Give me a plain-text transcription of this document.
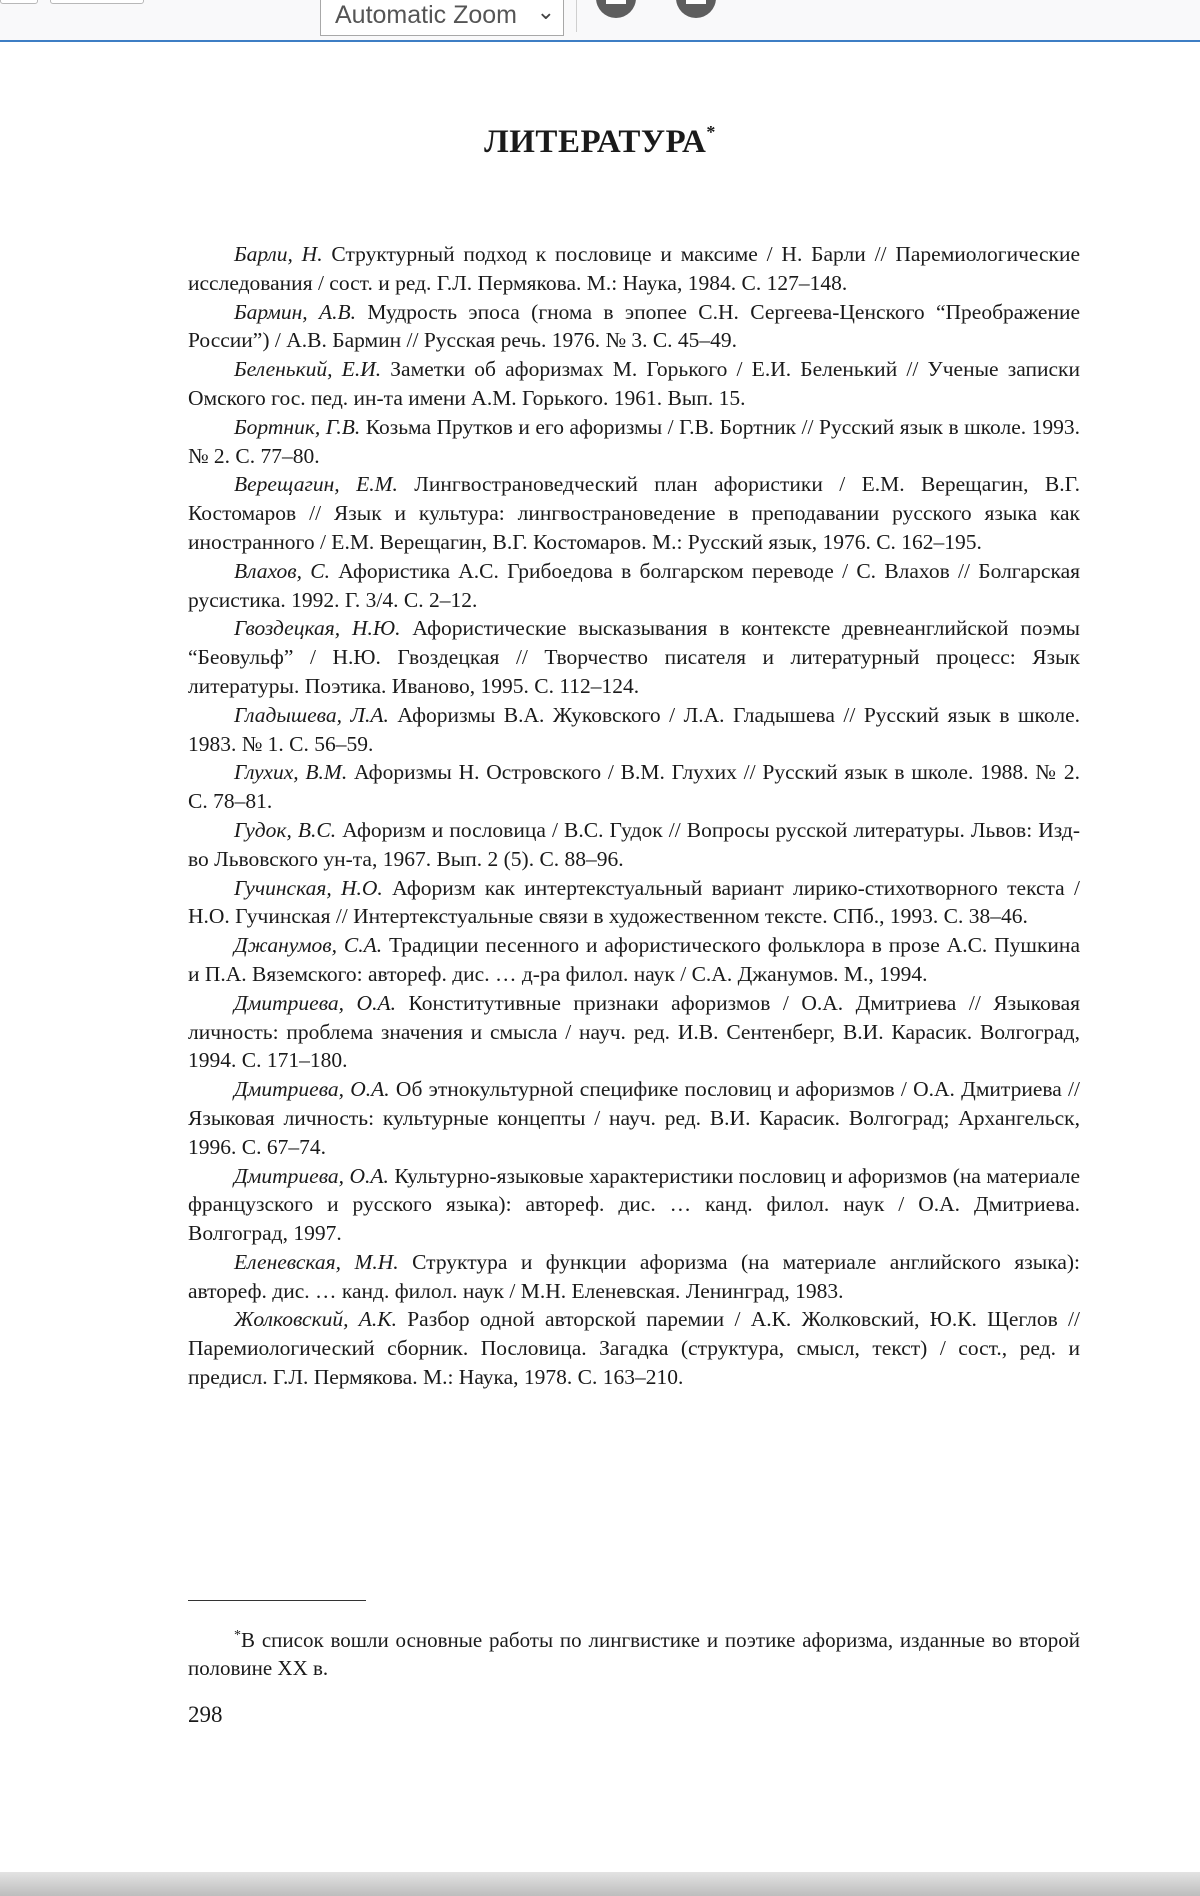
Automatic Zoom ⌄
ЛИТЕРАТУРА*

Барли, Н. Структурный подход к пословице и максиме / Н. Барли // Паремиологические исследования / сост. и ред. Г.Л. Пермякова. М.: Наука, 1984. С. 127–148.

Бармин, А.В. Мудрость эпоса (гнома в эпопее С.Н. Сергеева-Ценского “Преображение России”) / А.В. Бармин // Русская речь. 1976. № 3. С. 45–49.

Беленький, Е.И. Заметки об афоризмах М. Горького / Е.И. Беленький // Ученые записки Омского гос. пед. ин-та имени А.М. Горького. 1961. Вып. 15.

Бортник, Г.В. Козьма Прутков и его афоризмы / Г.В. Бортник // Русский язык в школе. 1993. № 2. С. 77–80.

Верещагин, Е.М. Лингвострановедческий план афористики / Е.М. Верещагин, В.Г. Костомаров // Язык и культура: лингвострановедение в преподавании русского языка как иностранного / Е.М. Верещагин, В.Г. Костомаров. М.: Русский язык, 1976. С. 162–195.

Влахов, С. Афористика А.С. Грибоедова в болгарском переводе / С. Влахов // Болгарская русистика. 1992. Г. 3/4. С. 2–12.

Гвоздецкая, Н.Ю. Афористические высказывания в контексте древнеанглийской поэмы “Беовульф” / Н.Ю. Гвоздецкая // Творчество писателя и литературный процесс: Язык литературы. Поэтика. Иваново, 1995. С. 112–124.

Гладышева, Л.А. Афоризмы В.А. Жуковского / Л.А. Гладышева // Русский язык в школе. 1983. № 1. С. 56–59.

Глухих, В.М. Афоризмы Н. Островского / В.М. Глухих // Русский язык в школе. 1988. № 2. С. 78–81.

Гудок, В.С. Афоризм и пословица / В.С. Гудок // Вопросы русской литературы. Львов: Изд-во Львовского ун-та, 1967. Вып. 2 (5). С. 88–96.

Гучинская, Н.О. Афоризм как интертекстуальный вариант лирико-стихотворного текста / Н.О. Гучинская // Интертекстуальные связи в художественном тексте. СПб., 1993. С. 38–46.

Джанумов, С.А. Традиции песенного и афористического фольклора в прозе А.С. Пушкина и П.А. Вяземского: автореф. дис. … д-ра филол. наук / С.А. Джанумов. М., 1994.

Дмитриева, О.А. Конститутивные признаки афоризмов / О.А. Дмитриева // Языковая личность: проблема значения и смысла / науч. ред. И.В. Сентенберг, В.И. Карасик. Волгоград, 1994. С. 171–180.

Дмитриева, О.А. Об этнокультурной специфике пословиц и афоризмов / О.А. Дмитриева // Языковая личность: культурные концепты / науч. ред. В.И. Карасик. Волгоград; Архангельск, 1996. С. 67–74.

Дмитриева, О.А. Культурно-языковые характеристики пословиц и афоризмов (на материале французского и русского языка): автореф. дис. … канд. филол. наук / О.А. Дмитриева. Волгоград, 1997.

Еленевская, М.Н. Структура и функции афоризма (на материале английского языка): автореф. дис. … канд. филол. наук / М.Н. Еленевская. Ленинград, 1983.

Жолковский, А.К. Разбор одной авторской паремии / А.К. Жолковский, Ю.К. Щеглов // Паремиологический сборник. Пословица. Загадка (структура, смысл, текст) / сост., ред. и предисл. Г.Л. Пермякова. М.: Наука, 1978. С. 163–210.

*В список вошли основные работы по лингвистике и поэтике афоризма, изданные во второй половине XX в.
298
